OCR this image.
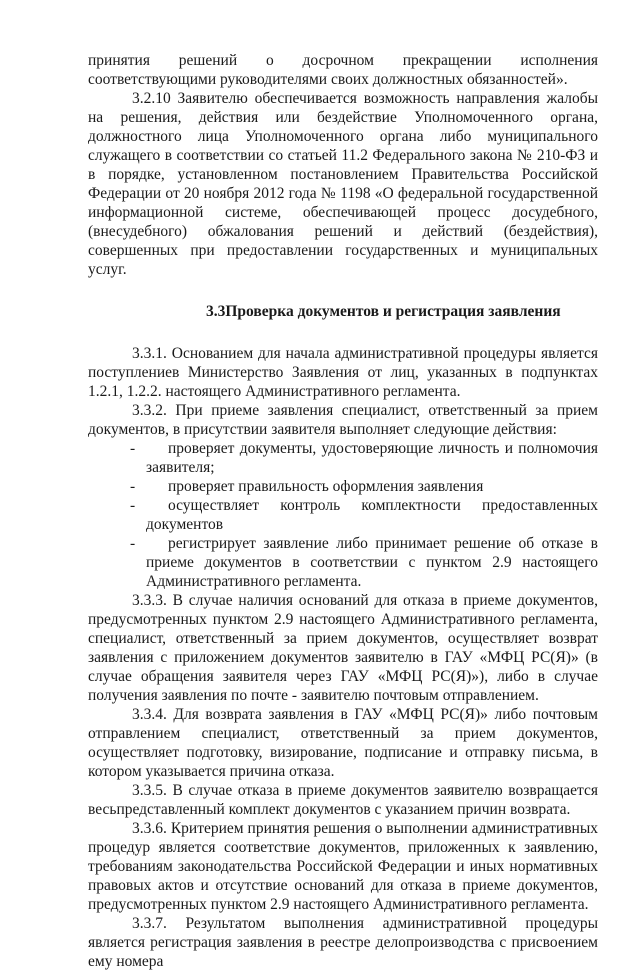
принятия решений о досрочном прекращении исполнения соответствующими руководителями своих должностных обязанностей».

3.2.10 Заявителю обеспечивается возможность направления жалобы на решения, действия или бездействие Уполномоченного органа, должностного лица Уполномоченного органа либо муниципального служащего в соответствии со статьей 11.2 Федерального закона № 210-ФЗ и в порядке, установленном постановлением Правительства Российской Федерации от 20 ноября 2012 года № 1198 «О федеральной государственной информационной системе, обеспечивающей процесс досудебного, (внесудебного) обжалования решений и действий (бездействия), совершенных при предоставлении государственных и муниципальных услуг.

3.3Проверка документов и регистрация заявления

3.3.1. Основанием для начала административной процедуры является поступлениев Министерство Заявления от лиц, указанных в подпунктах 1.2.1, 1.2.2. настоящего Административного регламента.

3.3.2. При приеме заявления специалист, ответственный за прием документов, в присутствии заявителя выполняет следующие действия:

- проверяет документы, удостоверяющие личность и полномочия заявителя;

- проверяет правильность оформления заявления

- осуществляет контроль комплектности предоставленных документов

- регистрирует заявление либо принимает решение об отказе в приеме документов в соответствии с пунктом 2.9 настоящего Административного регламента.

3.3.3. В случае наличия оснований для отказа в приеме документов, предусмотренных пунктом 2.9 настоящего Административного регламента, специалист, ответственный за прием документов, осуществляет возврат заявления с приложением документов заявителю в ГАУ «МФЦ РС(Я)» (в случае обращения заявителя через ГАУ «МФЦ РС(Я)»), либо в случае получения заявления по почте - заявителю почтовым отправлением.

3.3.4. Для возврата заявления в ГАУ «МФЦ РС(Я)» либо почтовым отправлением специалист, ответственный за прием документов, осуществляет подготовку, визирование, подписание и отправку письма, в котором указывается причина отказа.

3.3.5. В случае отказа в приеме документов заявителю возвращается весьпредставленный комплект документов с указанием причин возврата.

3.3.6. Критерием принятия решения о выполнении административных процедур является соответствие документов, приложенных к заявлению, требованиям законодательства Российской Федерации и иных нормативных правовых актов и отсутствие оснований для отказа в приеме документов, предусмотренных пунктом 2.9 настоящего Административного регламента.

3.3.7. Результатом выполнения административной процедуры является регистрация заявления в реестре делопроизводства с присвоением ему номера
